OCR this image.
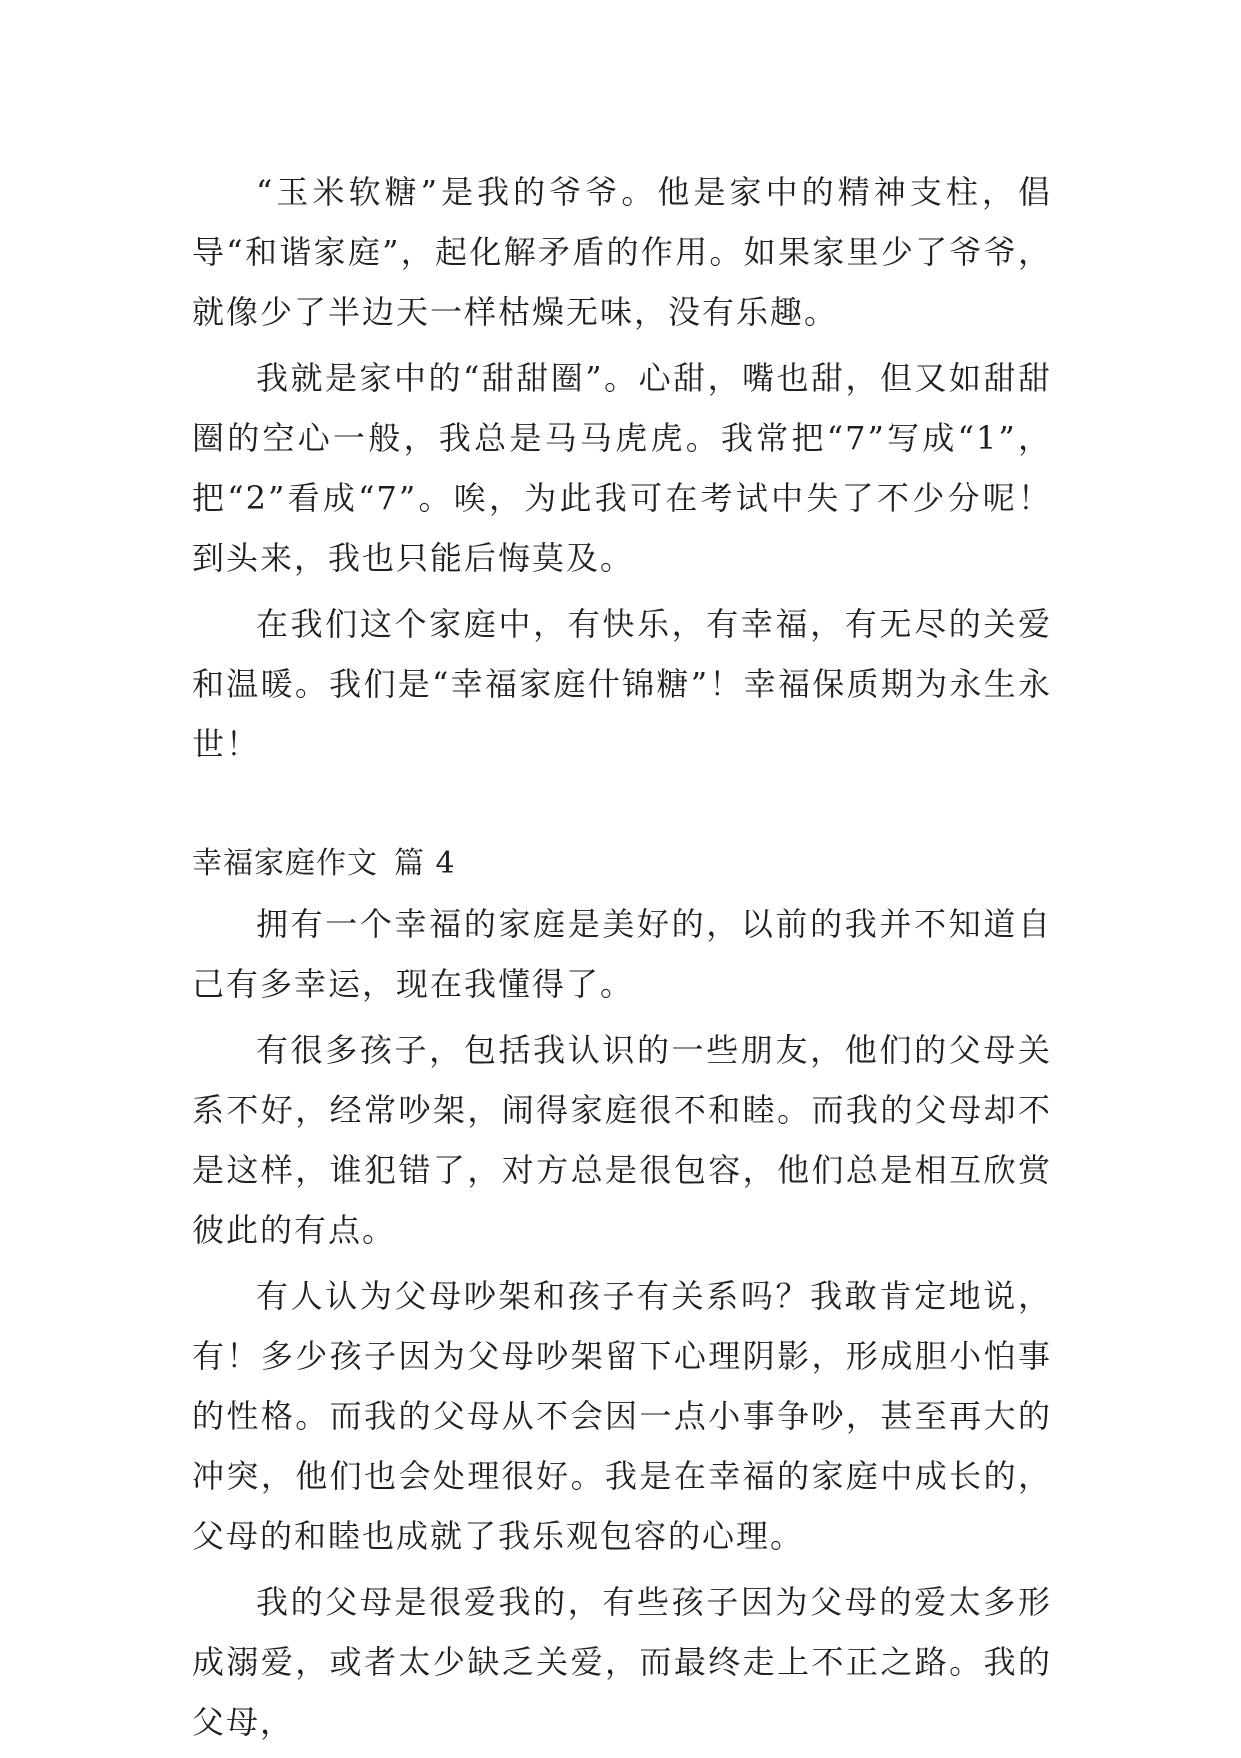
“玉米软糖”是我的爷爷。他是家中的精神支柱，倡导“和谐家庭”，起化解矛盾的作用。如果家里少了爷爷，就像少了半边天一样枯燥无味，没有乐趣。

我就是家中的“甜甜圈”。心甜，嘴也甜，但又如甜甜圈的空心一般，我总是马马虎虎。我常把“7”写成“1”，把“2”看成“7”。唉，为此我可在考试中失了不少分呢！到头来，我也只能后悔莫及。

在我们这个家庭中，有快乐，有幸福，有无尽的关爱和温暖。我们是“幸福家庭什锦糖”！幸福保质期为永生永世！

幸福家庭作文 篇 4

拥有一个幸福的家庭是美好的，以前的我并不知道自己有多幸运，现在我懂得了。

有很多孩子，包括我认识的一些朋友，他们的父母关系不好，经常吵架，闹得家庭很不和睦。而我的父母却不是这样，谁犯错了，对方总是很包容，他们总是相互欣赏彼此的有点。

有人认为父母吵架和孩子有关系吗？我敢肯定地说，有！多少孩子因为父母吵架留下心理阴影，形成胆小怕事的性格。而我的父母从不会因一点小事争吵，甚至再大的冲突，他们也会处理很好。我是在幸福的家庭中成长的，父母的和睦也成就了我乐观包容的心理。

我的父母是很爱我的，有些孩子因为父母的爱太多形成溺爱，或者太少缺乏关爱，而最终走上不正之路。我的父母，
